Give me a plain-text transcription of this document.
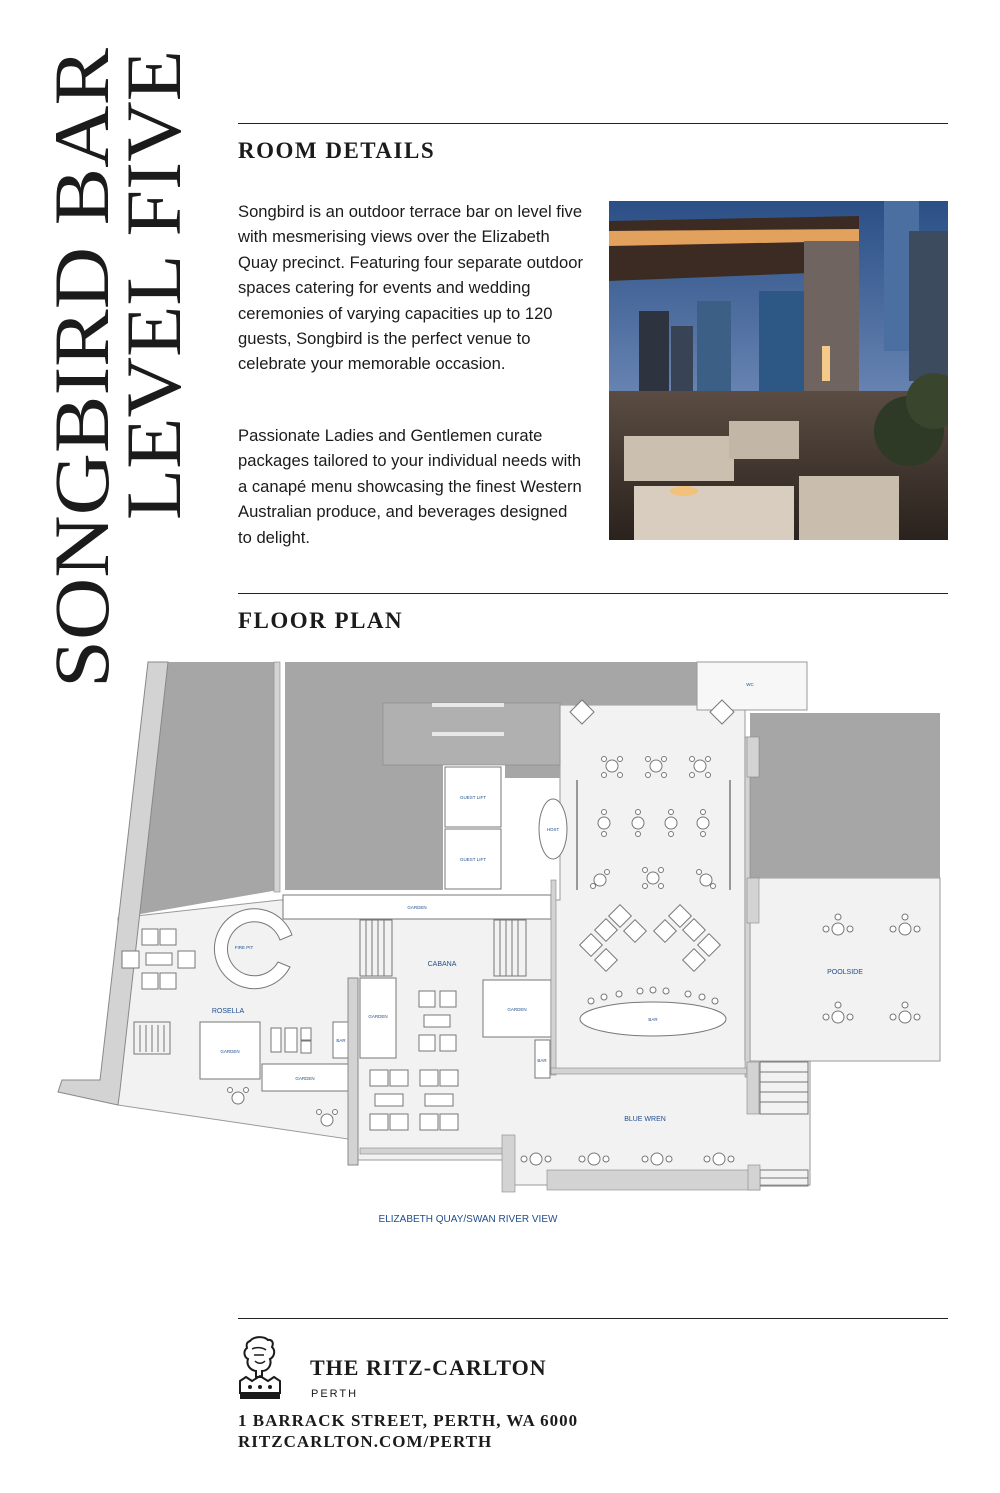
SONGBIRD BAR
LEVEL FIVE ROOM DETAILS

Songbird is an outdoor terrace bar on level five with mesmerising views over the Elizabeth Quay precinct. Featuring four separate outdoor spaces catering for events and wedding ceremonies of varying capacities up to 120 guests, Songbird is the perfect venue to celebrate your memorable occasion.

Passionate Ladies and Gentlemen curate packages tailored to your individual needs with a canapé menu showcasing the finest Western Australian produce, and beverages designed to delight.

FLOOR PLAN
WC
GUEST LIFT
GUEST LIFT
HOST
GARDEN
FIRE PIT
CABANA
ROSELLA
GARDEN
GARDEN
GARDEN
GARDEN
BAR
BAR
BAR
POOLSIDE
BLUE WREN
ELIZABETH QUAY/SWAN RIVER VIEW
THE RITZ-CARLTON
PERTH
1 BARRACK STREET, PERTH, WA 6000
RITZCARLTON.COM/PERTH
